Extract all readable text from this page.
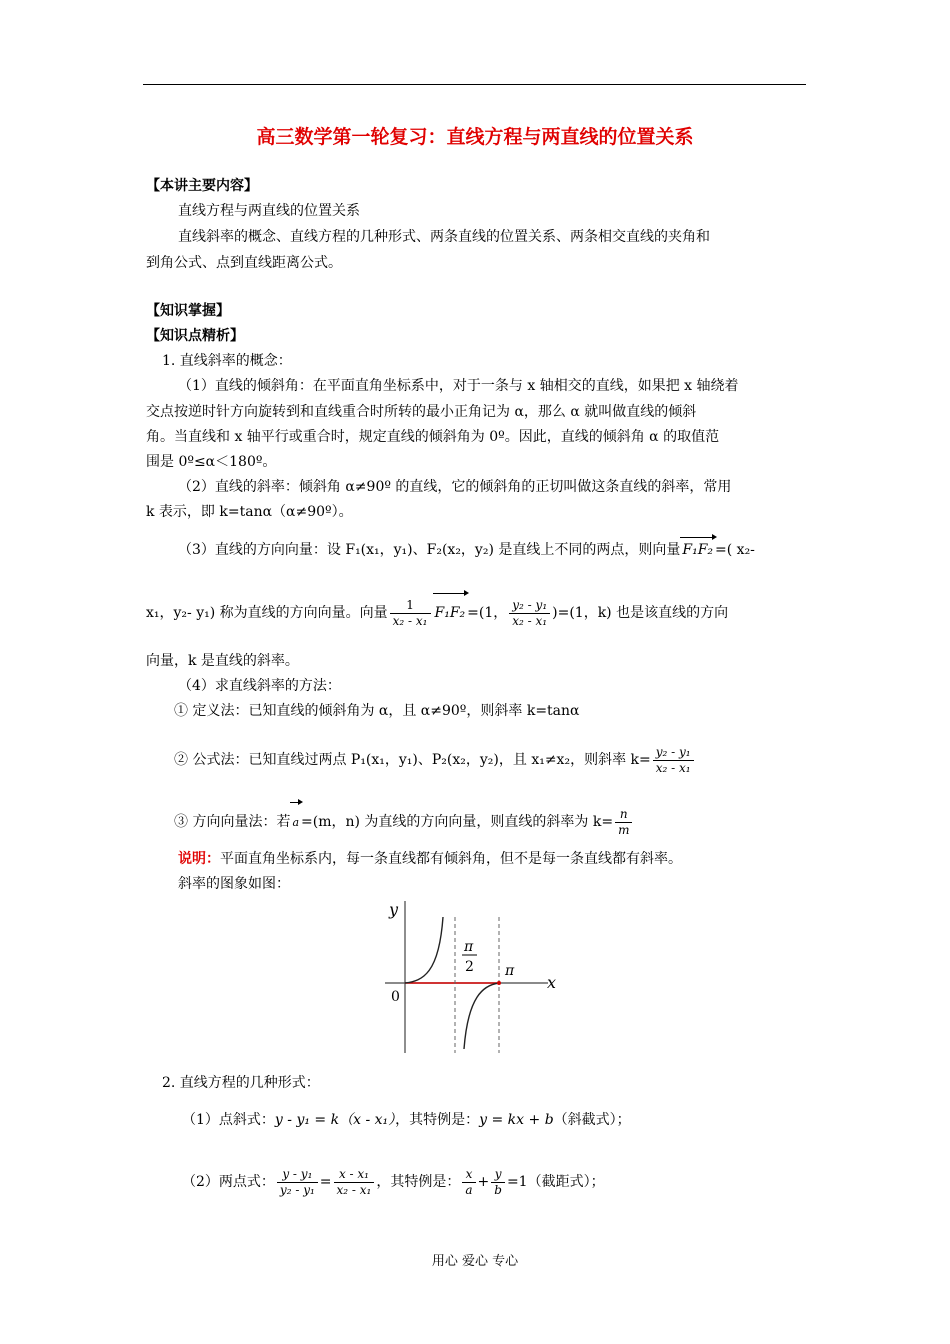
高三数学第一轮复习：直线方程与两直线的位置关系
【本讲主要内容】
直线方程与两直线的位置关系
直线斜率的概念、直线方程的几种形式、两条直线的位置关系、两条相交直线的夹角和
到角公式、点到直线距离公式。
【知识掌握】
【知识点精析】
1. 直线斜率的概念：
（1）直线的倾斜角：在平面直角坐标系中，对于一条与 x 轴相交的直线，如果把 x 轴绕着
交点按逆时针方向旋转到和直线重合时所转的最小正角记为 α，那么 α 就叫做直线的倾斜
角。当直线和 x 轴平行或重合时，规定直线的倾斜角为 0º。因此，直线的倾斜角 α 的取值范
围是 0º≤α＜180º。
（2）直线的斜率：倾斜角 α≠90º 的直线，它的倾斜角的正切叫做这条直线的斜率，常用
k 表示，即 k=tanα（α≠90º）。
（3）直线的方向向量：设 F₁(x₁，y₁)、F₂(x₂，y₂) 是直线上不同的两点，则向量 F₁F₂ =( x₂-
x₁，y₂- y₁) 称为直线的方向向量。向量 $\frac{1}{\text{x₂ - x₁}} F_1F_2 =(1$， $\frac{\text{y₂ - y₁}}{\text{x₂ - x₁}} )=(1$，k) 也是该直线的方向
向量，k 是直线的斜率。
（4）求直线斜率的方法：
① 定义法：已知直线的倾斜角为 α，且 α≠90º，则斜率 k=tanα
② 公式法：已知直线过两点 P₁(x₁，y₁)、P₂(x₂，y₂)，且 x₁≠x₂，则斜率 $k= \frac{\text{y₂ - y₁}}{\text{x₂ - x₁}}$
③ 方向向量法：若 a =(m，n) 为直线的方向向量，则直线的斜率为 $k= \frac{n}{m}$
说明：平面直角坐标系内，每一条直线都有倾斜角，但不是每一条直线都有斜率。
斜率的图象如图：
y
x
0
π
2 π
2. 直线方程的几种形式：
（1）点斜式：y - y₁ = k（x - x₁），其特例是：y = kx + b（斜截式）；
（2）两点式： $\frac{\text{y - y₁}}{\text{y₂ - y₁}} = \frac{\text{x - x₁}}{\text{x₂ - x₁}}$ ，其特例是： $\frac{x}{a} + \frac{y}{b} =1$（截距式）；
用心 爱心 专心
